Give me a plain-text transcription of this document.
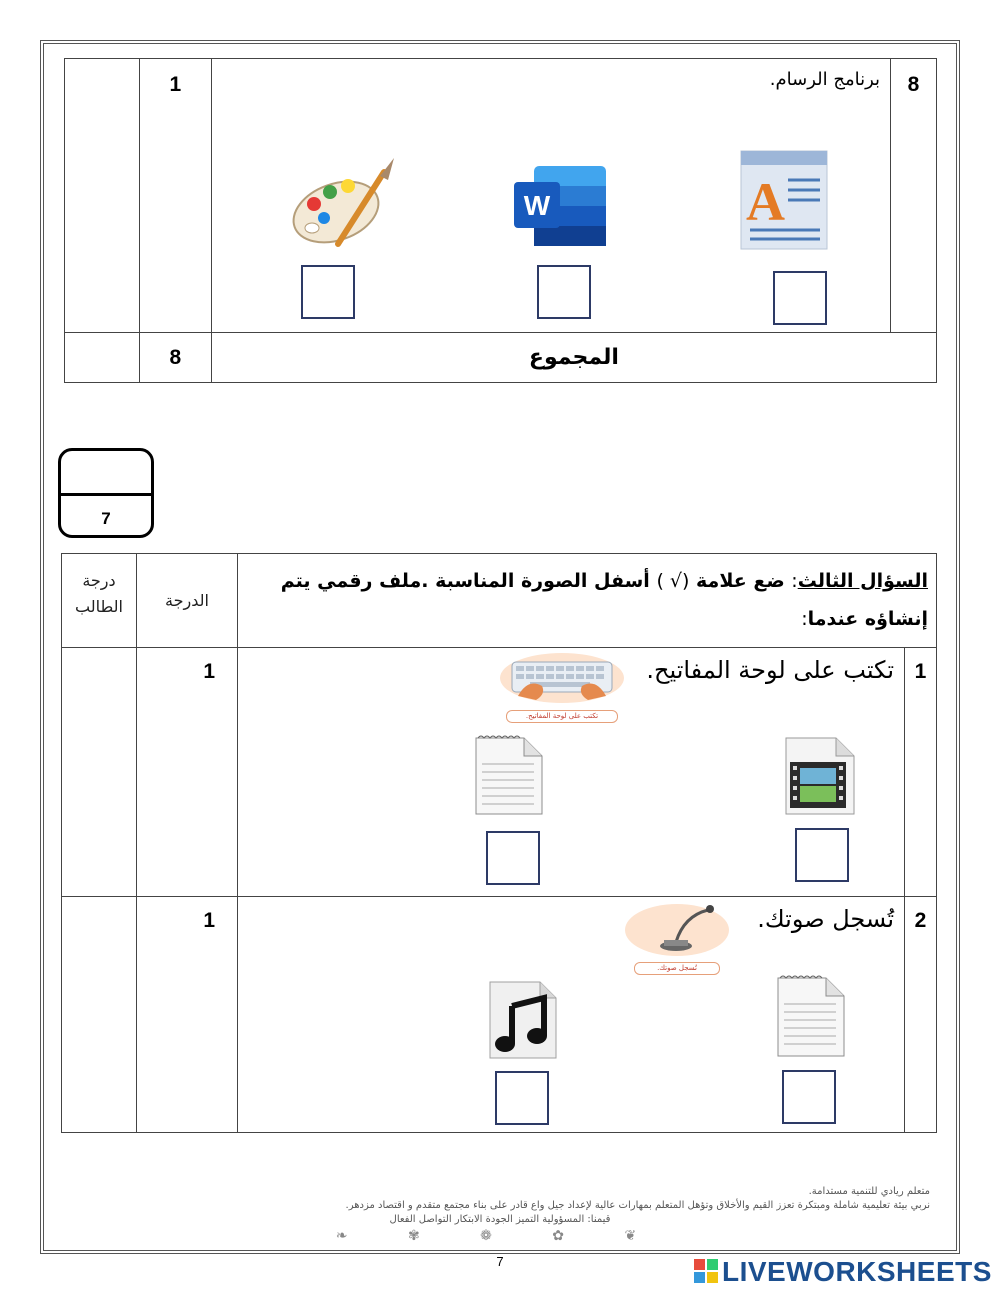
8	برنامج الرسام.	1	

المجموع		8	
A
W
7
السؤال الثالث: ضع علامة (√ ) أسفل الصورة المناسبة .ملف رقمي يتم
إنشاؤه عندما:		الدرجة	درجة الطالب

1	تكتب على لوحة المفاتيح.	1	

2	تُسجل صوتك.	1	

تكتب على لوحة المفاتيح.
تُسجل صوتك.
متعلم ريادي للتنمية مستدامة.
نربي بيئة تعليمية شاملة ومبتكرة تعزز القيم والأخلاق وتؤهل المتعلم بمهارات عالية لإعداد جيل واع قادر على بناء مجتمع متقدم و اقتصاد مزدهر.
قيمنا: المسؤولية التميز الجودة الابتكار التواصل الفعال
❦ ✿ ❁ ✾ ❧
7	LIVEWORKSHEETS
